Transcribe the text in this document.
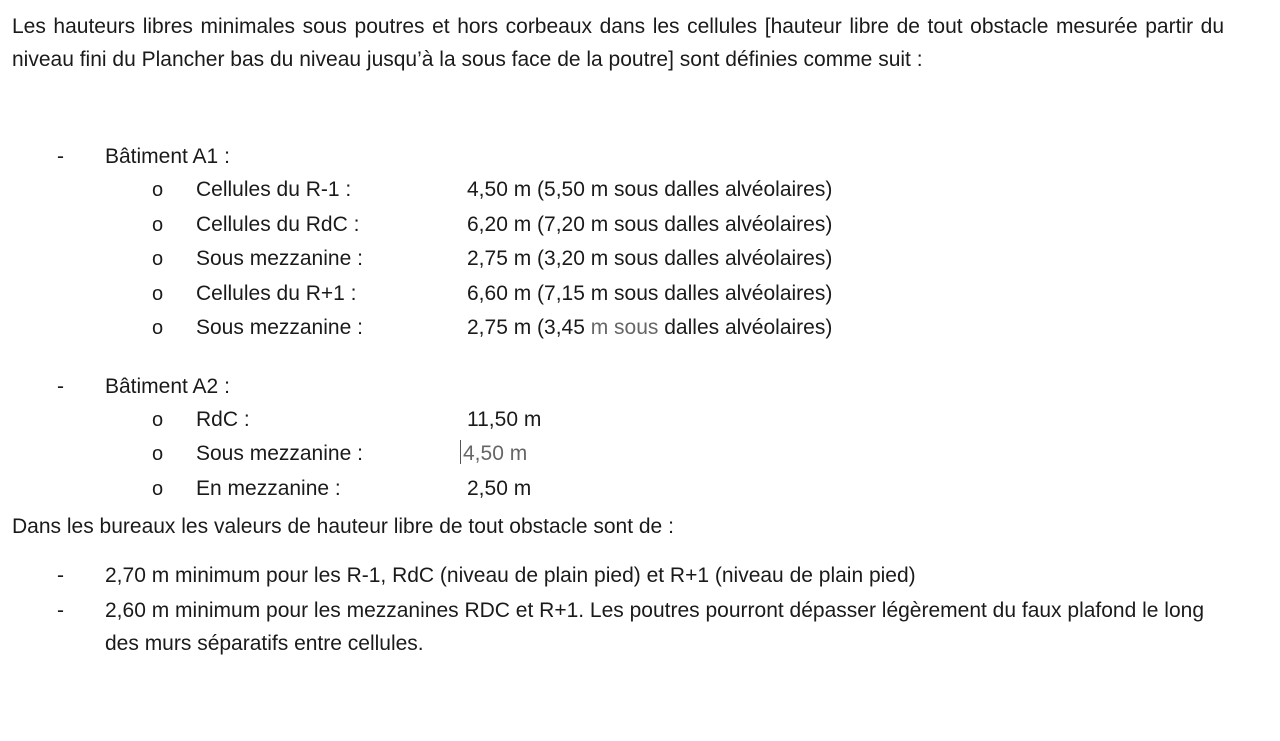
Les hauteurs libres minimales sous poutres et hors corbeaux dans les cellules [hauteur libre de tout obstacle mesurée partir du niveau fini du Plancher bas du niveau jusqu’à la sous face de la poutre] sont définies comme suit :

- Bâtiment A1 :
o Cellules du R-1 :	4,50 m (5,50 m sous dalles alvéolaires)
o Cellules du RdC :	6,20 m (7,20 m sous dalles alvéolaires)
o Sous mezzanine :	2,75 m (3,20 m sous dalles alvéolaires)
o Cellules du R+1 :	6,60 m (7,15 m sous dalles alvéolaires)
o Sous mezzanine :	2,75 m (3,45 m sous dalles alvéolaires)
- Bâtiment A2 :
o RdC :	11,50 m
o Sous mezzanine :	4,50 m
o En mezzanine :	2,50 m

Dans les bureaux les valeurs de hauteur libre de tout obstacle sont de :

- 2,70 m minimum pour les R-1, RdC (niveau de plain pied) et R+1 (niveau de plain pied)
- 2,60 m minimum pour les mezzanines RDC et R+1. Les poutres pourront dépasser légèrement du faux plafond le long des murs séparatifs entre cellules.
